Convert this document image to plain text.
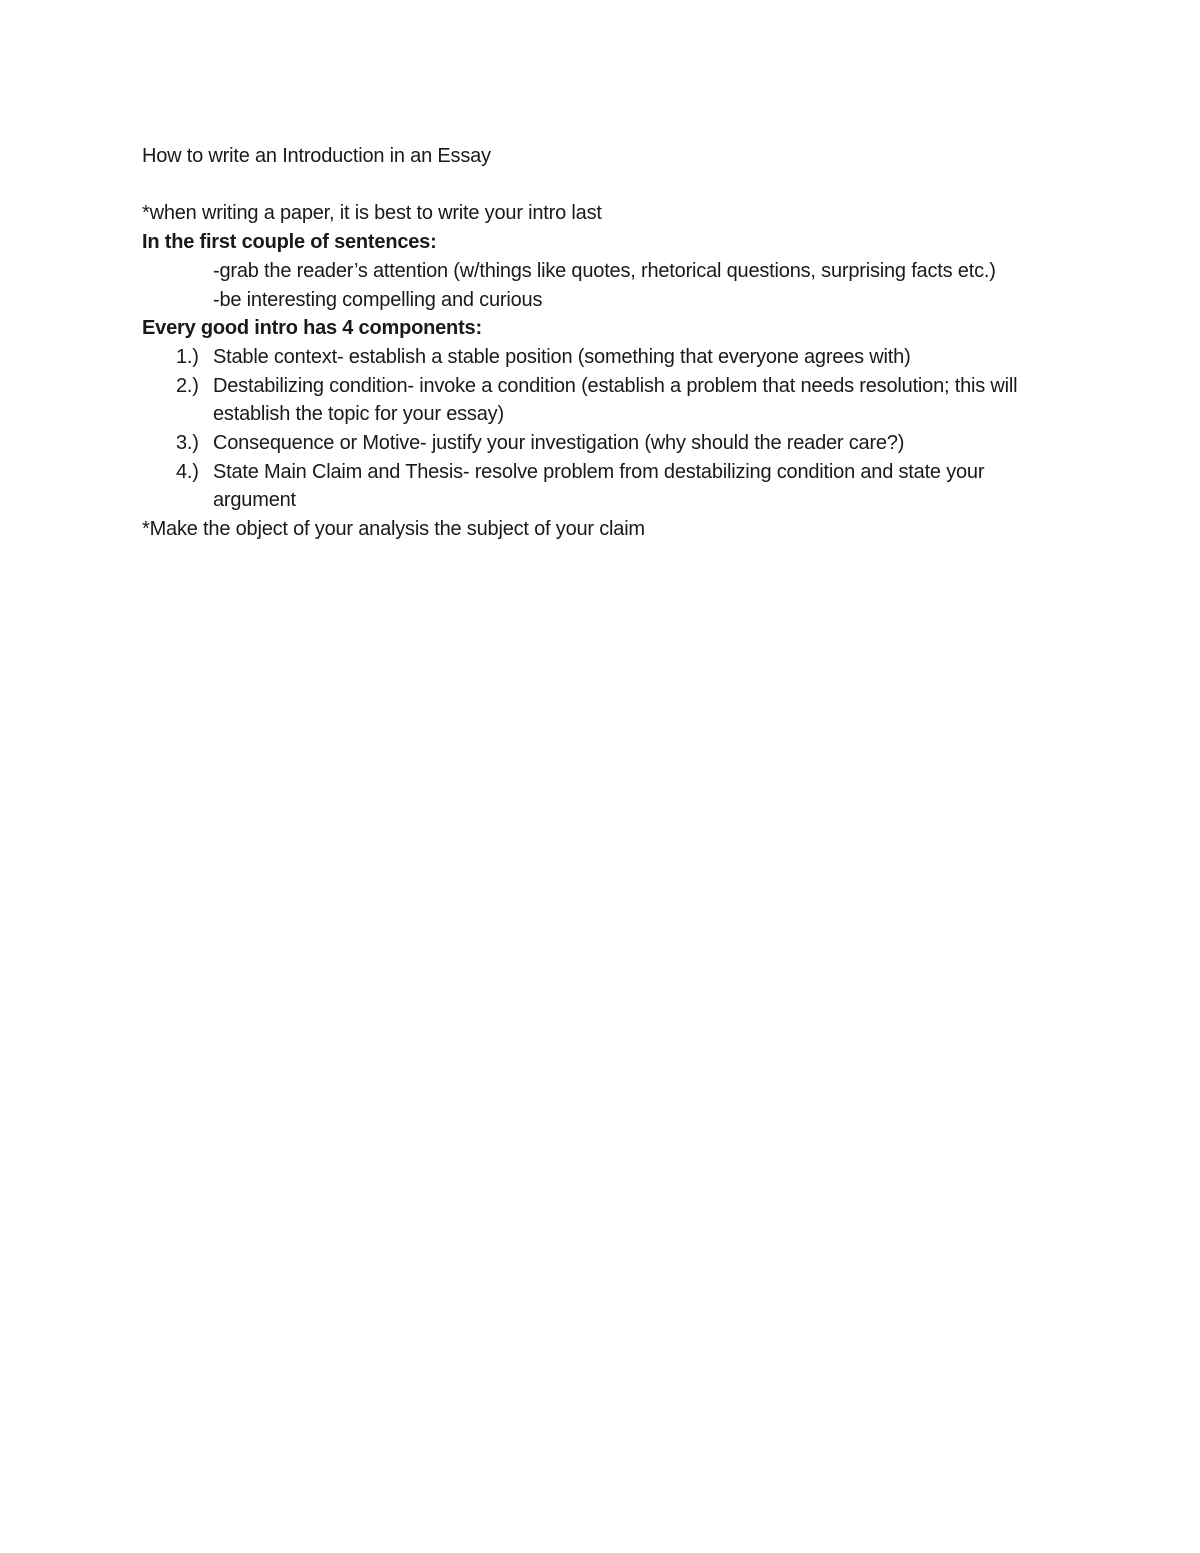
How to write an Introduction in an Essay

*when writing a paper, it is best to write your intro last

In the first couple of sentences:

-grab the reader’s attention (w/things like quotes, rhetorical questions, surprising facts etc.)

-be interesting compelling and curious

Every good intro has 4 components:

1.) Stable context- establish a stable position (something that everyone agrees with)
2.) Destabilizing condition- invoke a condition (establish a problem that needs resolution; this will establish the topic for your essay)
3.) Consequence or Motive- justify your investigation (why should the reader care?)
4.) State Main Claim and Thesis- resolve problem from destabilizing condition and state your argument

*Make the object of your analysis the subject of your claim
